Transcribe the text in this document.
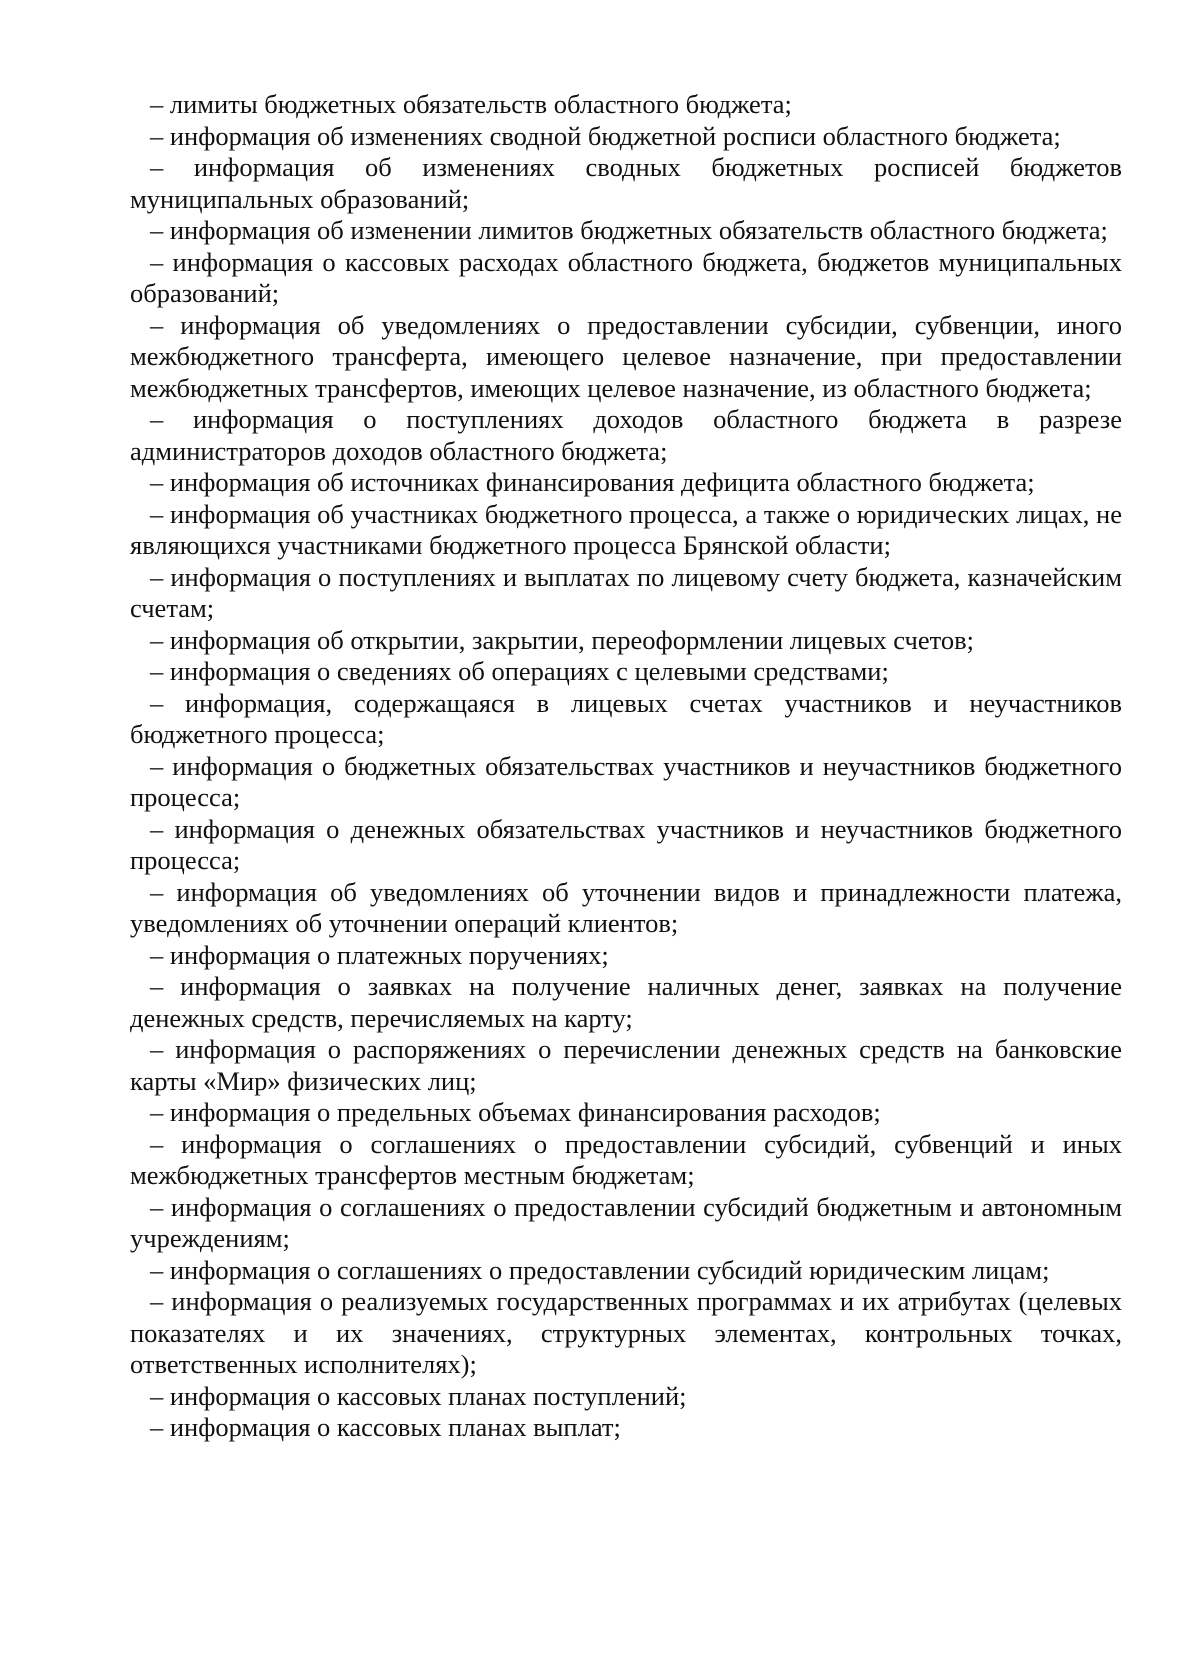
– лимиты бюджетных обязательств областного бюджета;

– информация об изменениях сводной бюджетной росписи областного бюджета;

– информация об изменениях сводных бюджетных росписей бюджетов муниципальных образований;

– информация об изменении лимитов бюджетных обязательств областного бюджета;

– информация о кассовых расходах областного бюджета, бюджетов муниципальных образований;

– информация об уведомлениях о предоставлении субсидии, субвенции, иного межбюджетного трансферта, имеющего целевое назначение, при предоставлении межбюджетных трансфертов, имеющих целевое назначение, из областного бюджета;

– информация о поступлениях доходов областного бюджета в разрезе администраторов доходов областного бюджета;

– информация об источниках финансирования дефицита областного бюджета;

– информация об участниках бюджетного процесса, а также о юридических лицах, не являющихся участниками бюджетного процесса Брянской области;

– информация о поступлениях и выплатах по лицевому счету бюджета, казначейским счетам;

– информация об открытии, закрытии, переоформлении лицевых счетов;

– информация о сведениях об операциях с целевыми средствами;

– информация, содержащаяся в лицевых счетах участников и неучастников бюджетного процесса;

– информация о бюджетных обязательствах участников и неучастников бюджетного процесса;

– информация о денежных обязательствах участников и неучастников бюджетного процесса;

– информация об уведомлениях об уточнении видов и принадлежности платежа, уведомлениях об уточнении операций клиентов;

– информация о платежных поручениях;

– информация о заявках на получение наличных денег, заявках на получение денежных средств, перечисляемых на карту;

– информация о распоряжениях о перечислении денежных средств на банковские карты «Мир» физических лиц;

– информация о предельных объемах финансирования расходов;

– информация о соглашениях о предоставлении субсидий, субвенций и иных межбюджетных трансфертов местным бюджетам;

– информация о соглашениях о предоставлении субсидий бюджетным и автономным учреждениям;

– информация о соглашениях о предоставлении субсидий юридическим лицам;

– информация о реализуемых государственных программах и их атрибутах (целевых показателях и их значениях, структурных элементах, контрольных точках, ответственных исполнителях);

– информация о кассовых планах поступлений;

– информация о кассовых планах выплат;
